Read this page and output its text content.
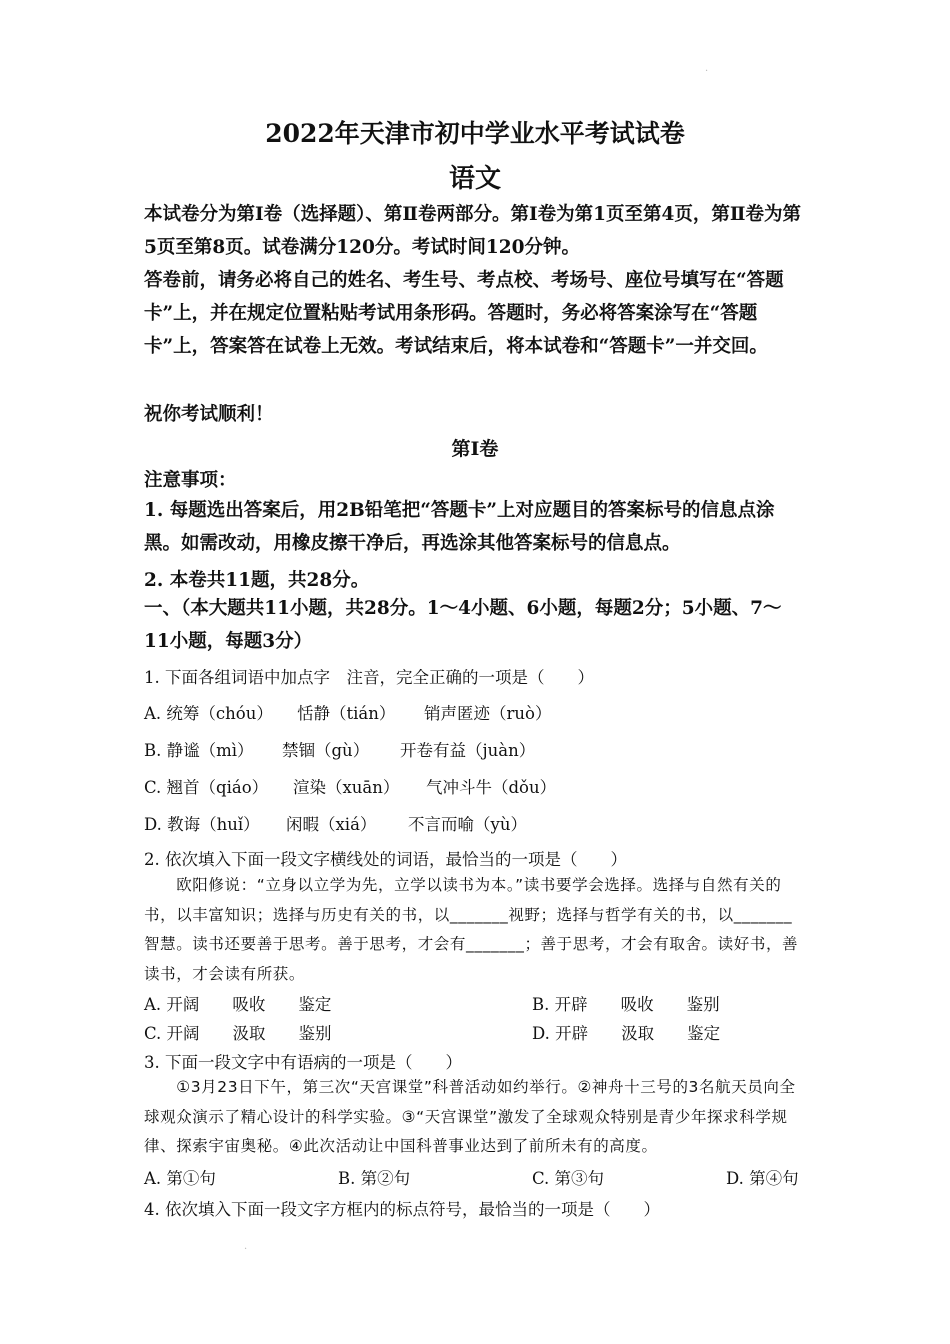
·
2022年天津市初中学业水平考试试卷
语文
本试卷分为第Ⅰ卷（选择题）、第Ⅱ卷两部分。第Ⅰ卷为第1页至第4页，第Ⅱ卷为第5页至第8页。试卷满分120分。考试时间120分钟。
答卷前，请务必将自己的姓名、考生号、考点校、考场号、座位号填写在“答题卡”上，并在规定位置粘贴考试用条形码。答题时，务必将答案涂写在“答题卡”上，答案答在试卷上无效。考试结束后，将本试卷和“答题卡”一并交回。
祝你考试顺利！
第Ⅰ卷
注意事项：
1. 每题选出答案后，用2B铅笔把“答题卡”上对应题目的答案标号的信息点涂黑。如需改动，用橡皮擦干净后，再选涂其他答案标号的信息点。
2. 本卷共11题，共28分。
一、（本大题共11小题，共28分。1～4小题、6小题，每题2分；5小题、7～11小题，每题3分）
1. 下面各组词语中加点字　注音，完全正确的一项是（　　）
A. 统筹（chóu） 恬静（tián） 销声匿迹（ruò）
B. 静谧（mì） 禁锢（gù） 开卷有益（juàn）
C. 翘首（qiáo） 渲染（xuān） 气冲斗牛（dǒu）
D. 教诲（huǐ） 闲暇（xiá） 不言而喻（yù）
2. 依次填入下面一段文字横线处的词语，最恰当的一项是（　　）
　　欧阳修说：“立身以立学为先，立学以读书为本。”读书要学会选择。选择与自然有关的书，以丰富知识；选择与历史有关的书，以_______视野；选择与哲学有关的书，以_______智慧。读书还要善于思考。善于思考，才会有_______；善于思考，才会有取舍。读好书，善读书，才会读有所获。
A. 开阔　　吸收　　鉴定	B. 开辟　　吸收　　鉴别
C. 开阔　　汲取　　鉴别	D. 开辟　　汲取　　鉴定
3. 下面一段文字中有语病的一项是（　　）
　　①3月23日下午，第三次“天宫课堂”科普活动如约举行。②神舟十三号的3名航天员向全球观众演示了精心设计的科学实验。③“天宫课堂”激发了全球观众特别是青少年探求科学规律、探索宇宙奥秘。④此次活动让中国科普事业达到了前所未有的高度。
A. 第①句	B. 第②句	C. 第③句	D. 第④句
4. 依次填入下面一段文字方框内的标点符号，最恰当的一项是（　　）
·
